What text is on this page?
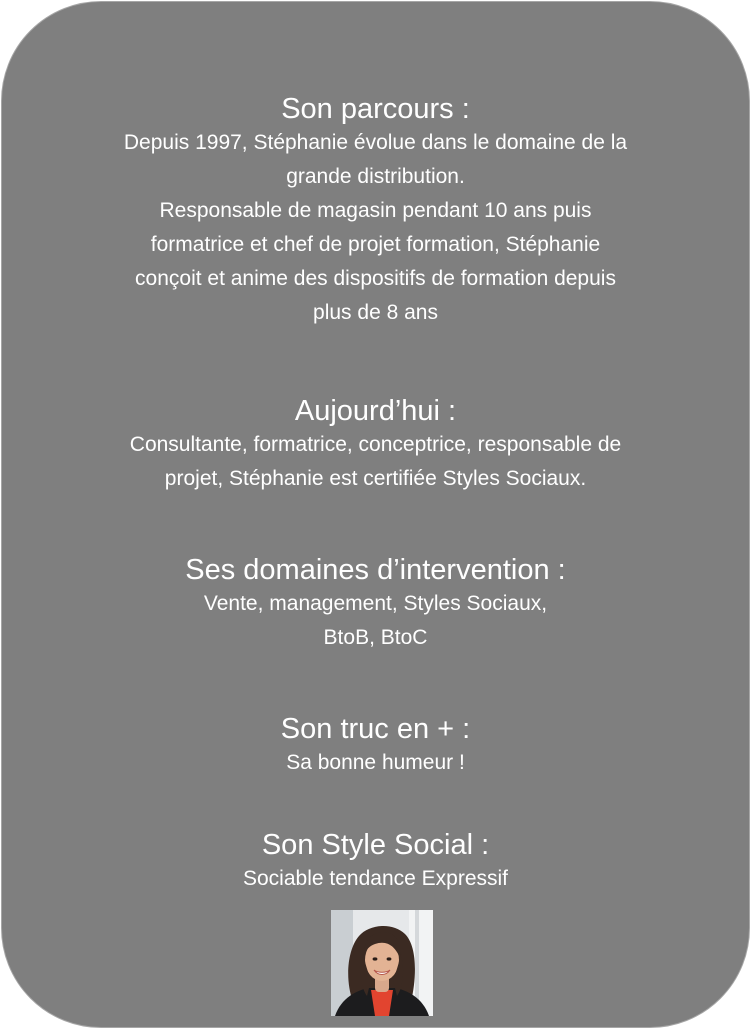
Son parcours :

Depuis 1997, Stéphanie évolue dans le domaine de la
grande distribution.
Responsable de magasin pendant 10 ans puis
formatrice et chef de projet formation, Stéphanie
conçoit et anime des dispositifs de formation depuis
plus de 8 ans

Aujourd’hui :

Consultante, formatrice, conceptrice, responsable de
projet, Stéphanie est certifiée Styles Sociaux.

Ses domaines d’intervention :

Vente, management, Styles Sociaux,
BtoB, BtoC

Son truc en + :

Sa bonne humeur !

Son Style Social :

Sociable tendance Expressif
